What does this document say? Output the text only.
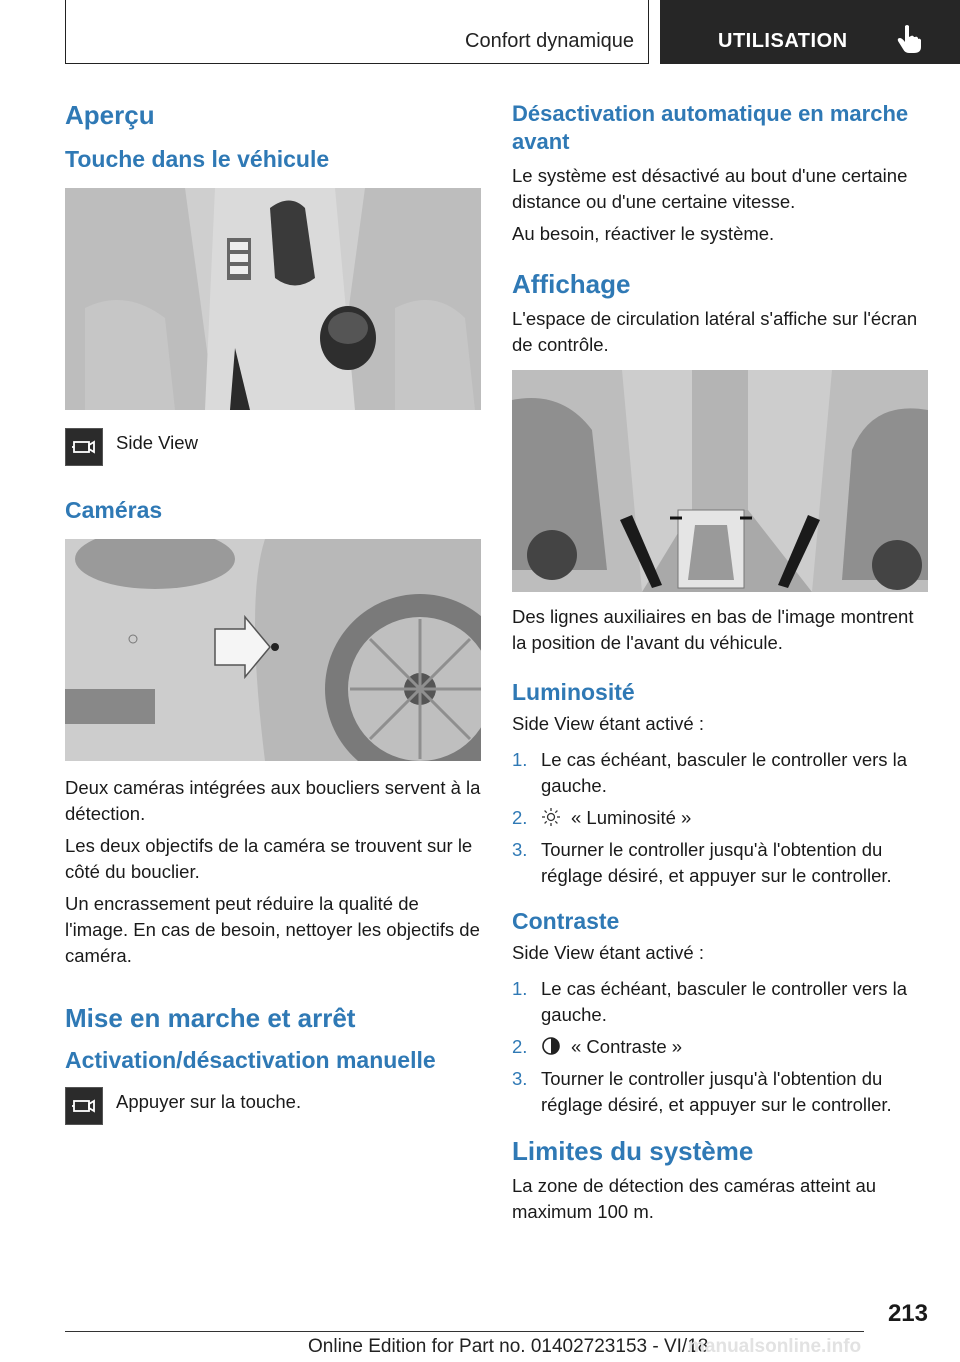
Confort dynamique	UTILISATION
Aperçu
Touche dans le véhicule
Side View
Caméras

Deux caméras intégrées aux boucliers servent à la détection.

Les deux objectifs de la caméra se trouvent sur le côté du bouclier.

Un encrassement peut réduire la qualité de l'image. En cas de besoin, nettoyer les objectifs de caméra.

Mise en marche et arrêt
Activation/désactivation manuelle
Appuyer sur la touche.
Désactivation automatique en marche avant

Le système est désactivé au bout d'une certaine distance ou d'une certaine vitesse.

Au besoin, réactiver le système.

Affichage

L'espace de circulation latéral s'affiche sur l'écran de contrôle.

Des lignes auxiliaires en bas de l'image montrent la position de l'avant du véhicule.

Luminosité

Side View étant activé :

1. Le cas échéant, basculer le controller vers la gauche.
2.	« Luminosité »
3. Tourner le controller jusqu'à l'obtention du réglage désiré, et appuyer sur le controller.
Contraste

Side View étant activé :

1. Le cas échéant, basculer le controller vers la gauche.
2.	« Contraste »
3. Tourner le controller jusqu'à l'obtention du réglage désiré, et appuyer sur le controller.
Limites du système

La zone de détection des caméras atteint au maximum 100 m.

213
Online Edition for Part no. 01402723153 - VI/18
manualsonline.info
